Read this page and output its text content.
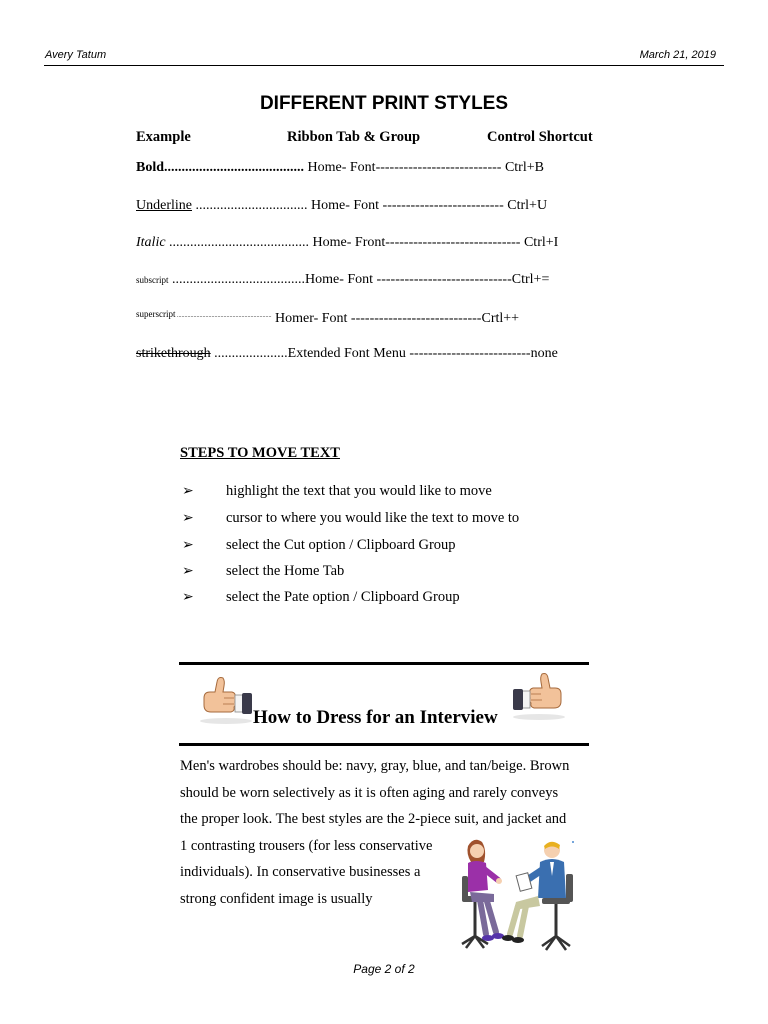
Avery Tatum	March 21, 2019
DIFFERENT PRINT STYLES
Example	Ribbon Tab & Group	Control Shortcut
Bold........................................ Home- Font--------------------------- Ctrl+B
Underline ................................ Home- Font -------------------------- Ctrl+U
Italic ........................................ Home- Front----------------------------- Ctrl+I
subscript ......................................Home- Font -----------------------------Ctrl+=
$^{superscript}$ ............................................................... Homer- Font ----------------------------Crtl++
strikethrough .....................Extended Font Menu --------------------------none
STEPS TO MOVE TEXT
➢ highlight the text that you would like to move
➢ cursor to where you would like the text to move to
➢ select the Cut option / Clipboard Group
➢ select the Home Tab
➢ select the Pate option / Clipboard Group
How to Dress for an Interview
Men's wardrobes should be: navy, gray, blue, and tan/beige. Brown
should be worn selectively as it is often aging and rarely conveys
the proper look. The best styles are the 2-piece suit, and jacket and
1 contrasting trousers (for less conservative
individuals). In conservative businesses a
strong confident image is usually
Page 2 of 2
